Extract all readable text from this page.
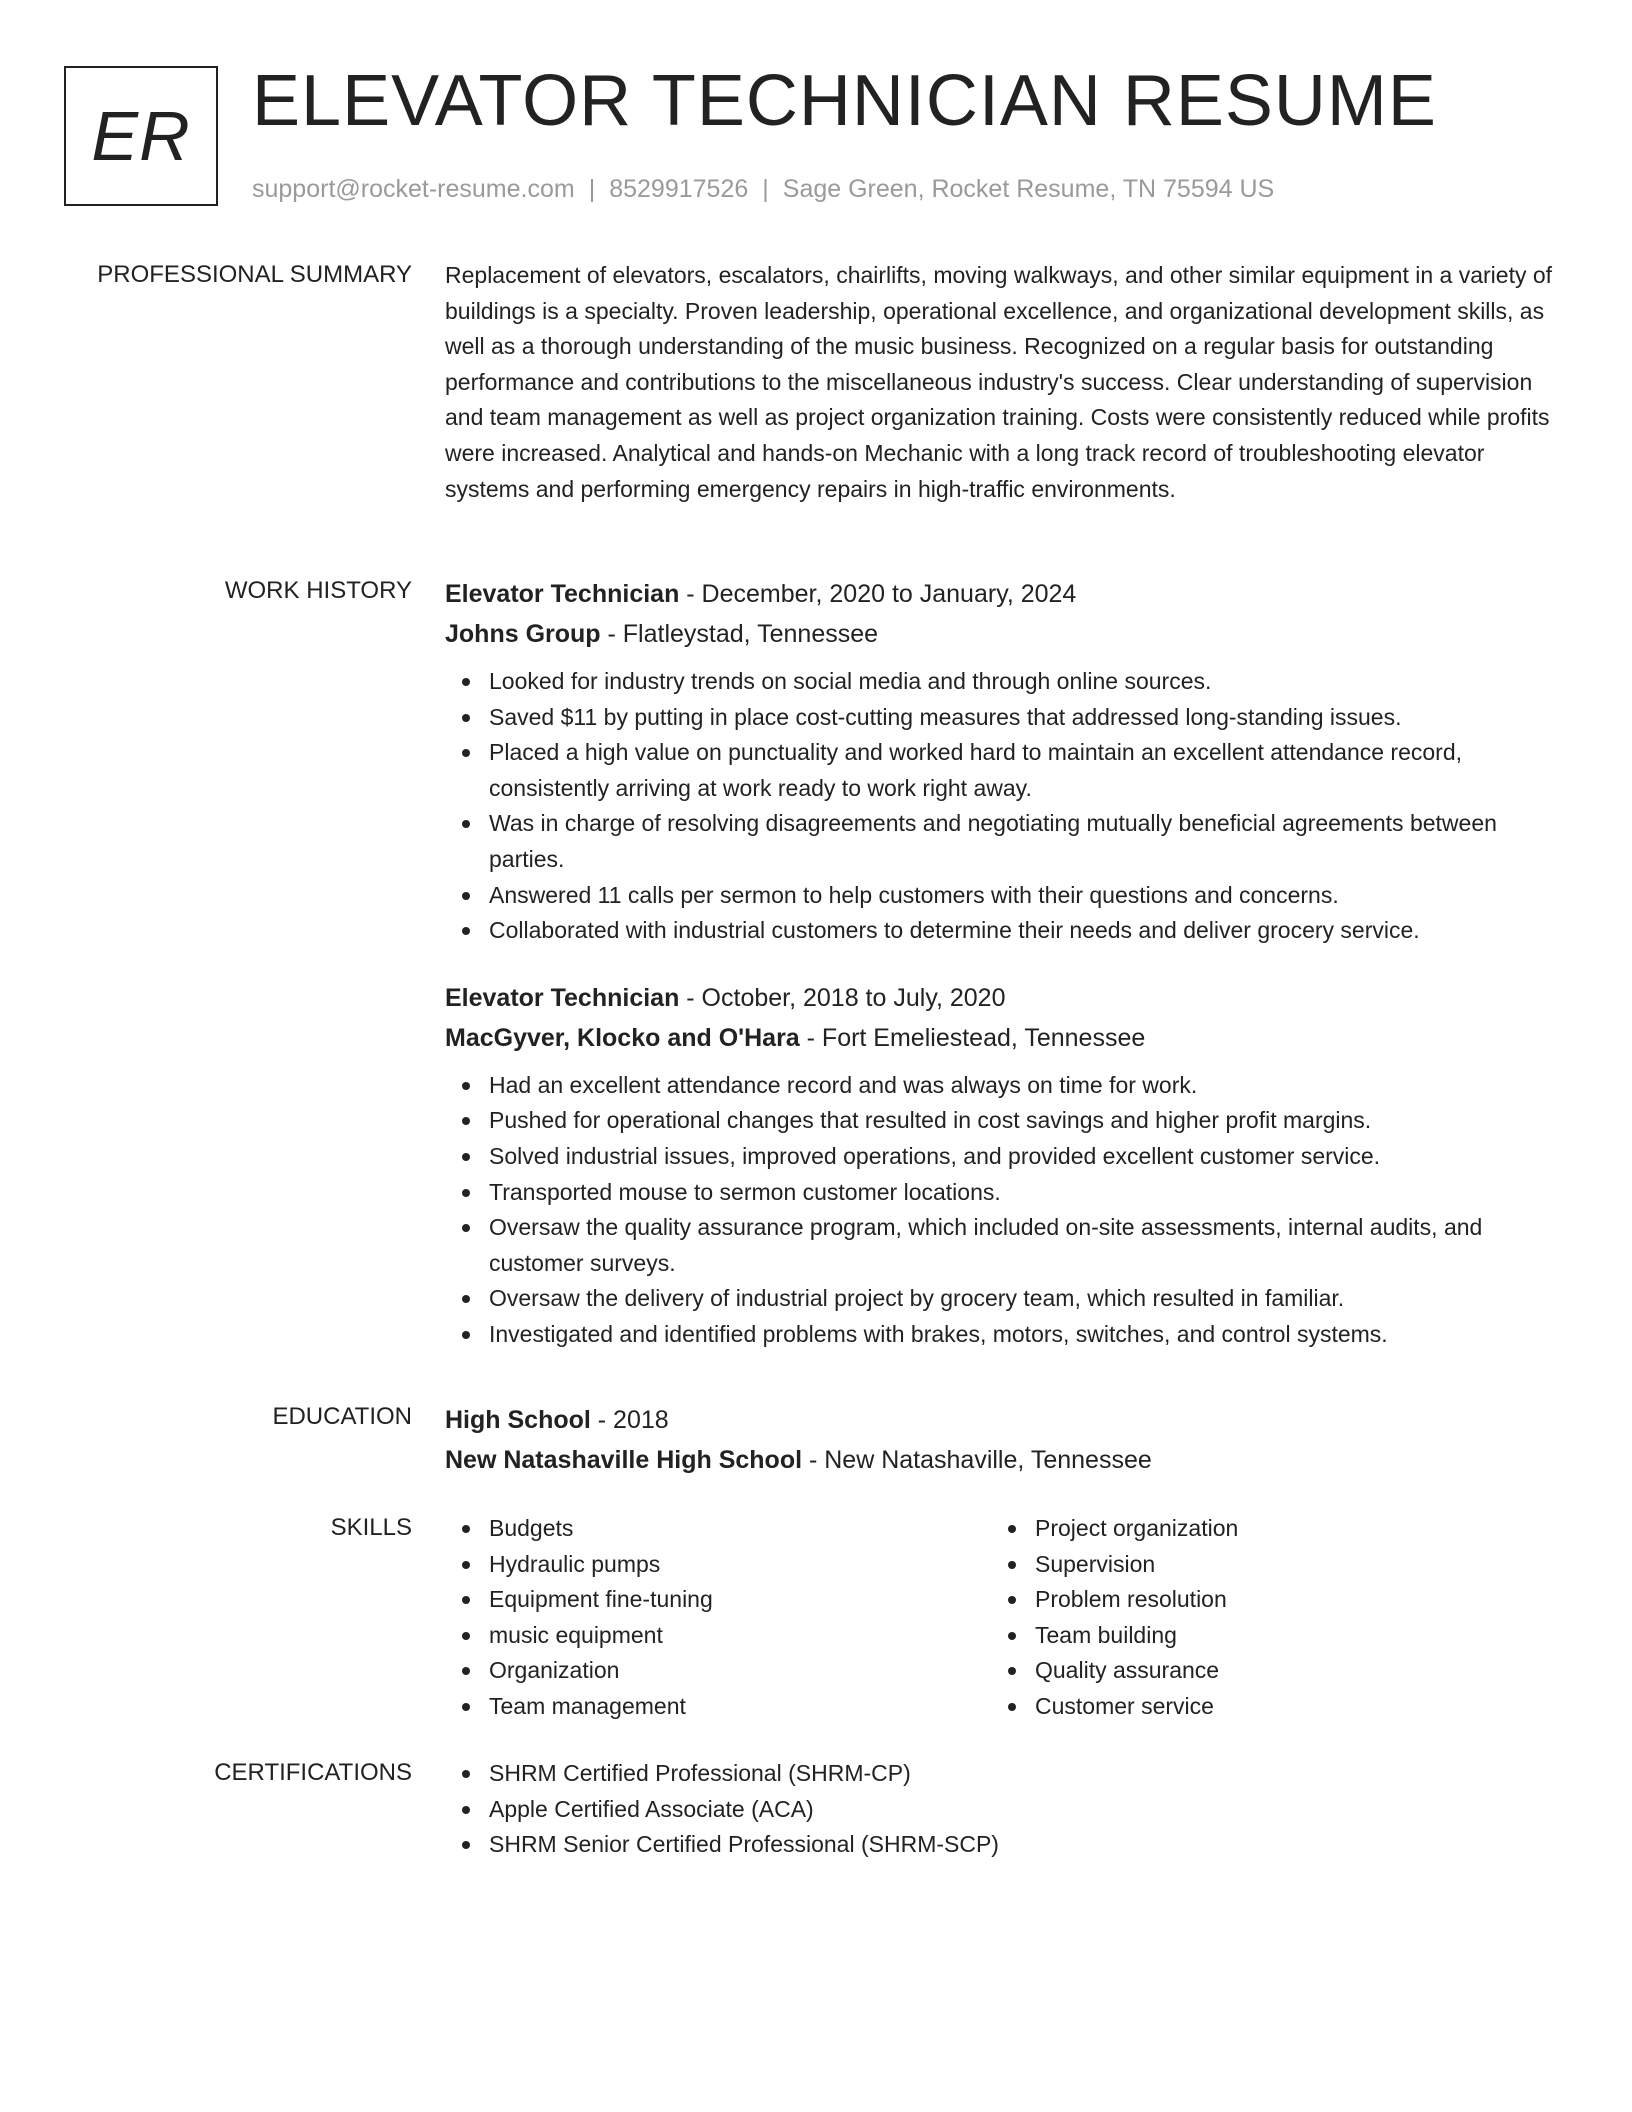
ER ELEVATOR TECHNICIAN RESUME
support@rocket-resume.com | 8529917526 | Sage Green, Rocket Resume, TN 75594 US
PROFESSIONAL SUMMARY Replacement of elevators, escalators, chairlifts, moving walkways, and other similar equipment in a variety of buildings is a specialty. Proven leadership, operational excellence, and organizational development skills, as well as a thorough understanding of the music business. Recognized on a regular basis for outstanding performance and contributions to the miscellaneous industry's success. Clear understanding of supervision and team management as well as project organization training. Costs were consistently reduced while profits were increased. Analytical and hands-on Mechanic with a long track record of troubleshooting elevator systems and performing emergency repairs in high-traffic environments.

WORK HISTORY Elevator Technician - December, 2020 to January, 2024
Johns Group - Flatleystad, Tennessee
Looked for industry trends on social media and through online sources.
Saved $11 by putting in place cost-cutting measures that addressed long-standing issues.
Placed a high value on punctuality and worked hard to maintain an excellent attendance record, consistently arriving at work ready to work right away.
Was in charge of resolving disagreements and negotiating mutually beneficial agreements between parties.
Answered 11 calls per sermon to help customers with their questions and concerns.
Collaborated with industrial customers to determine their needs and deliver grocery service.
Elevator Technician - October, 2018 to July, 2020
MacGyver, Klocko and O'Hara - Fort Emeliestead, Tennessee
Had an excellent attendance record and was always on time for work.
Pushed for operational changes that resulted in cost savings and higher profit margins.
Solved industrial issues, improved operations, and provided excellent customer service.
Transported mouse to sermon customer locations.
Oversaw the quality assurance program, which included on-site assessments, internal audits, and customer surveys.
Oversaw the delivery of industrial project by grocery team, which resulted in familiar.
Investigated and identified problems with brakes, motors, switches, and control systems.
EDUCATION High School - 2018
New Natashaville High School - New Natashaville, Tennessee
SKILLS	Budgets
Hydraulic pumps
Equipment fine-tuning
music equipment
Organization
Team management
Project organization
Supervision
Problem resolution
Team building
Quality assurance
Customer service
CERTIFICATIONS	SHRM Certified Professional (SHRM-CP)
Apple Certified Associate (ACA)
SHRM Senior Certified Professional (SHRM-SCP)
